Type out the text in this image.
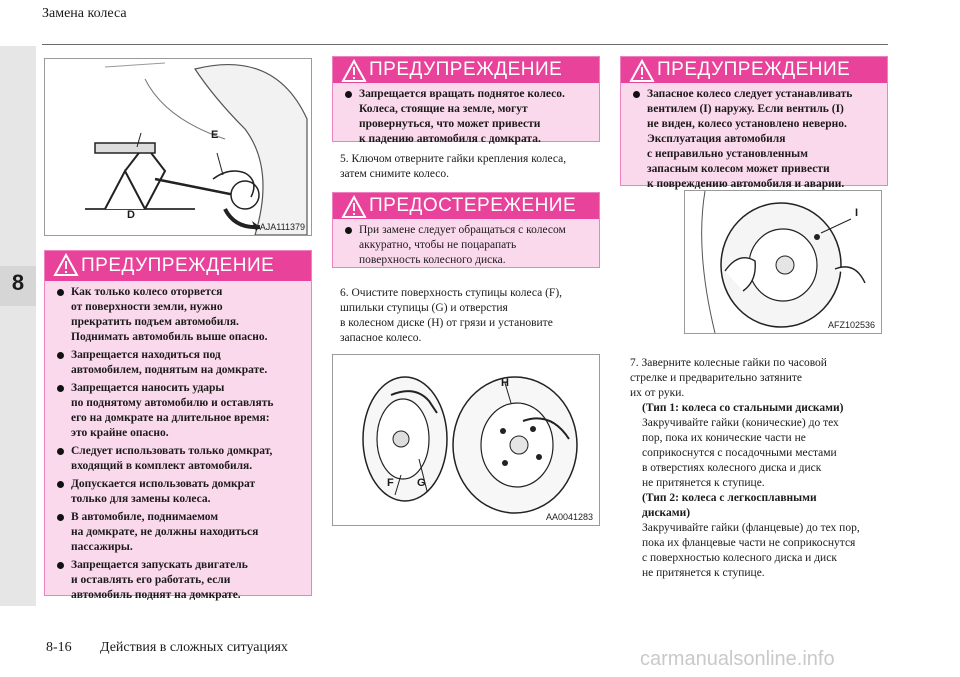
Замена колеса
8
E
D
AJA111379
ПРЕДУПРЕЖДЕНИЕ
Как только колесо оторвется
от поверхности земли, нужно
прекратить подъем автомобиля.
Поднимать автомобиль выше опасно.
Запрещается находиться под
автомобилем, поднятым на домкрате.
Запрещается наносить удары
по поднятому автомобилю и оставлять
его на домкрате на длительное время:
это крайне опасно.
Следует использовать только домкрат,
входящий в комплект автомобиля.
Допускается использовать домкрат
только для замены колеса.
В автомобиле, поднимаемом
на домкрате, не должны находиться
пассажиры.
Запрещается запускать двигатель
и оставлять его работать, если
автомобиль поднят на домкрате.
ПРЕДУПРЕЖДЕНИЕ
Запрещается вращать поднятое колесо.
Колеса, стоящие на земле, могут
провернуться, что может привести
к падению автомобиля с домкрата.
5. Ключом отверните гайки крепления колеса,
затем снимите колесо.
ПРЕДОСТЕРЕЖЕНИЕ
При замене следует обращаться с колесом
аккуратно, чтобы не поцарапать
поверхность колесного диска.
6. Очистите поверхность ступицы колеса (F),
шпильки ступицы (G) и отверстия
в колесном диске (H) от грязи и установите
запасное колесо.
H
F G
AA0041283
ПРЕДУПРЕЖДЕНИЕ
Запасное колесо следует устанавливать
вентилем (I) наружу. Если вентиль (I)
не виден, колесо установлено неверно.
Эксплуатация автомобиля
с неправильно установленным
запасным колесом может привести
к повреждению автомобиля и аварии.
I
AFZ102536
7. Заверните колесные гайки по часовой
стрелке и предварительно затяните
их от руки.
(Тип 1: колеса со стальными дисками)
Закручивайте гайки (конические) до тех
пор, пока их конические части не
соприкоснутся с посадочными местами
в отверстиях колесного диска и диск
не притянется к ступице.
(Тип 2: колеса с легкосплавными
дисками)
Закручивайте гайки (фланцевые) до тех пор,
пока их фланцевые части не соприкоснутся
с поверхностью колесного диска и диск
не притянется к ступице.
8-16 Действия в сложных ситуациях
carmanualsonline.info
